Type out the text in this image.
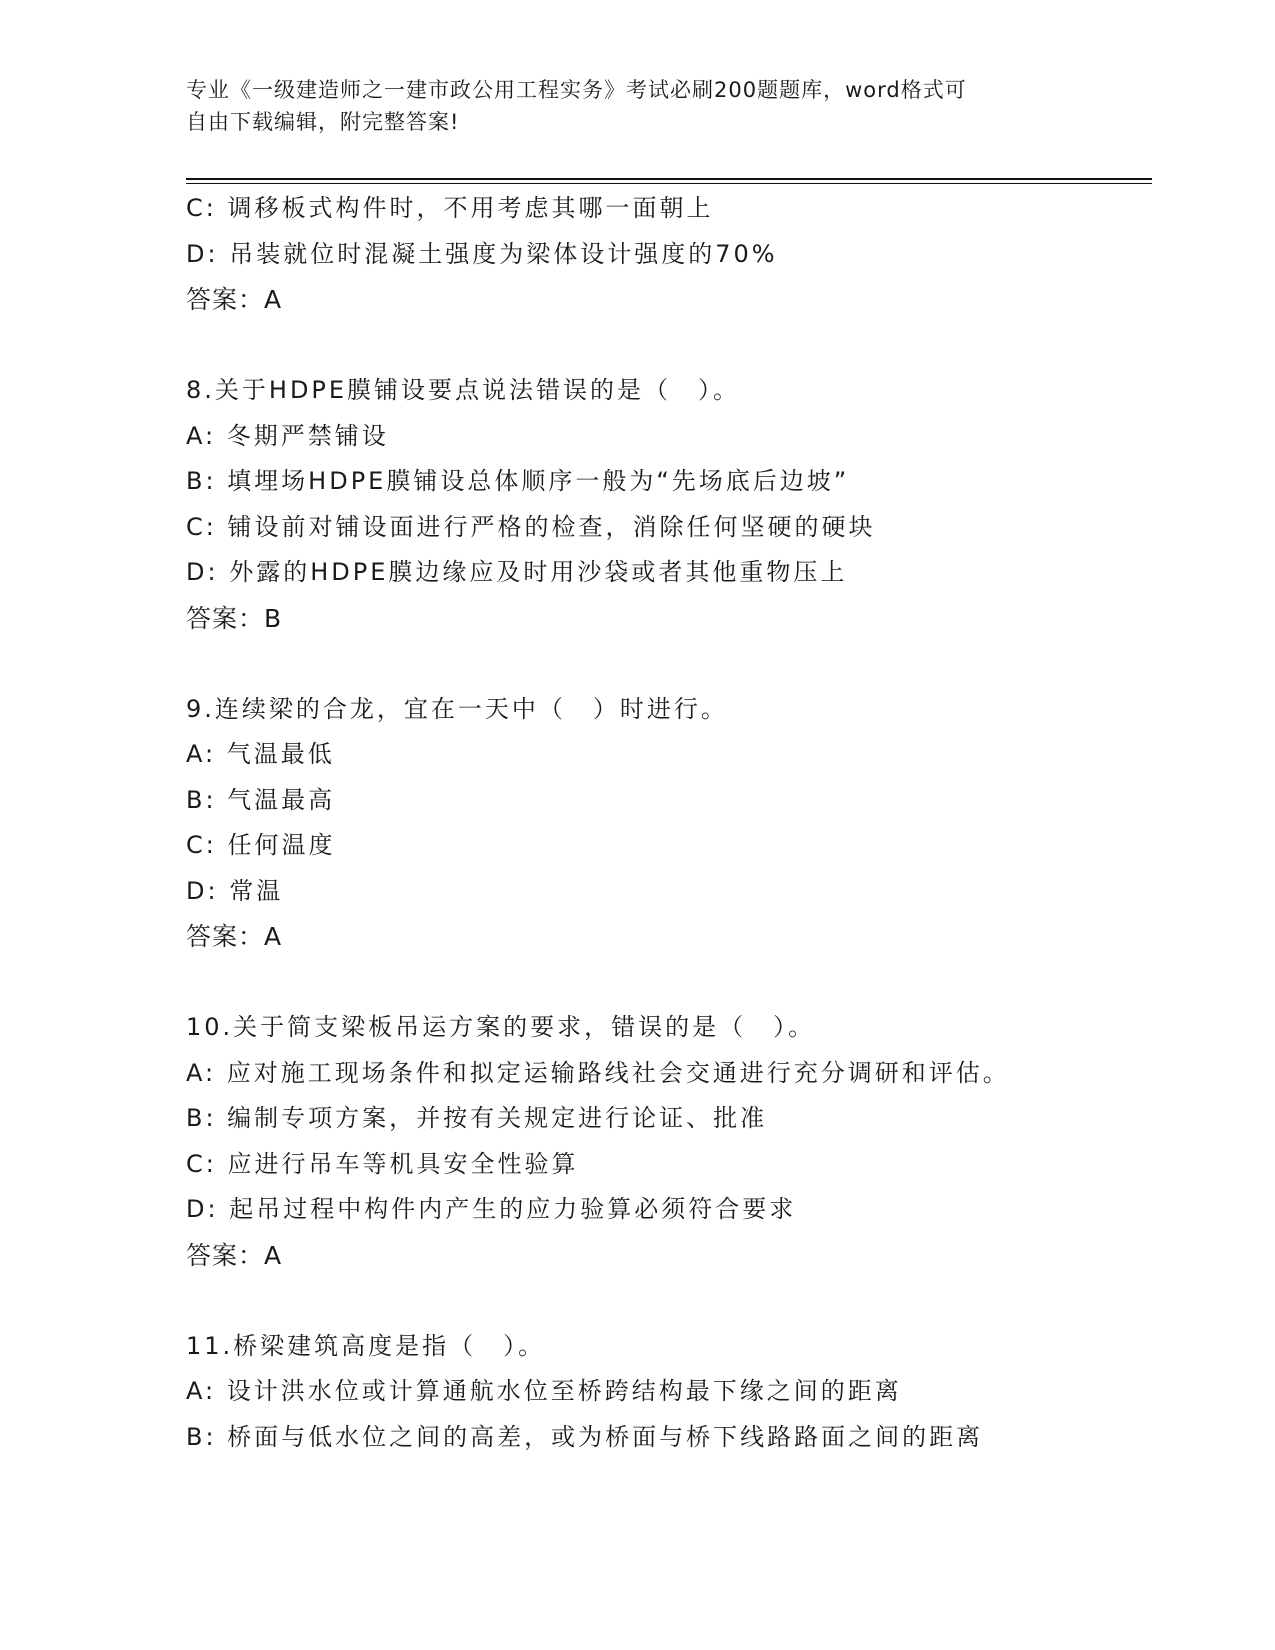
专业《一级建造师之一建市政公用工程实务》考试必刷200题题库，word格式可
自由下载编辑，附完整答案!
C: 调移板式构件时，不用考虑其哪一面朝上
D: 吊装就位时混凝土强度为梁体设计强度的70%
答案：A
8.关于HDPE膜铺设要点说法错误的是（　）。
A: 冬期严禁铺设
B: 填埋场HDPE膜铺设总体顺序一般为“先场底后边坡”
C: 铺设前对铺设面进行严格的检查，消除任何坚硬的硬块
D: 外露的HDPE膜边缘应及时用沙袋或者其他重物压上
答案：B
9.连续梁的合龙，宜在一天中（　）时进行。
A: 气温最低
B: 气温最高
C: 任何温度
D: 常温
答案：A
10.关于简支梁板吊运方案的要求，错误的是（　）。
A: 应对施工现场条件和拟定运输路线社会交通进行充分调研和评估。
B: 编制专项方案，并按有关规定进行论证、批准
C: 应进行吊车等机具安全性验算
D: 起吊过程中构件内产生的应力验算必须符合要求
答案：A
11.桥梁建筑高度是指（　）。
A: 设计洪水位或计算通航水位至桥跨结构最下缘之间的距离
B: 桥面与低水位之间的高差，或为桥面与桥下线路路面之间的距离
